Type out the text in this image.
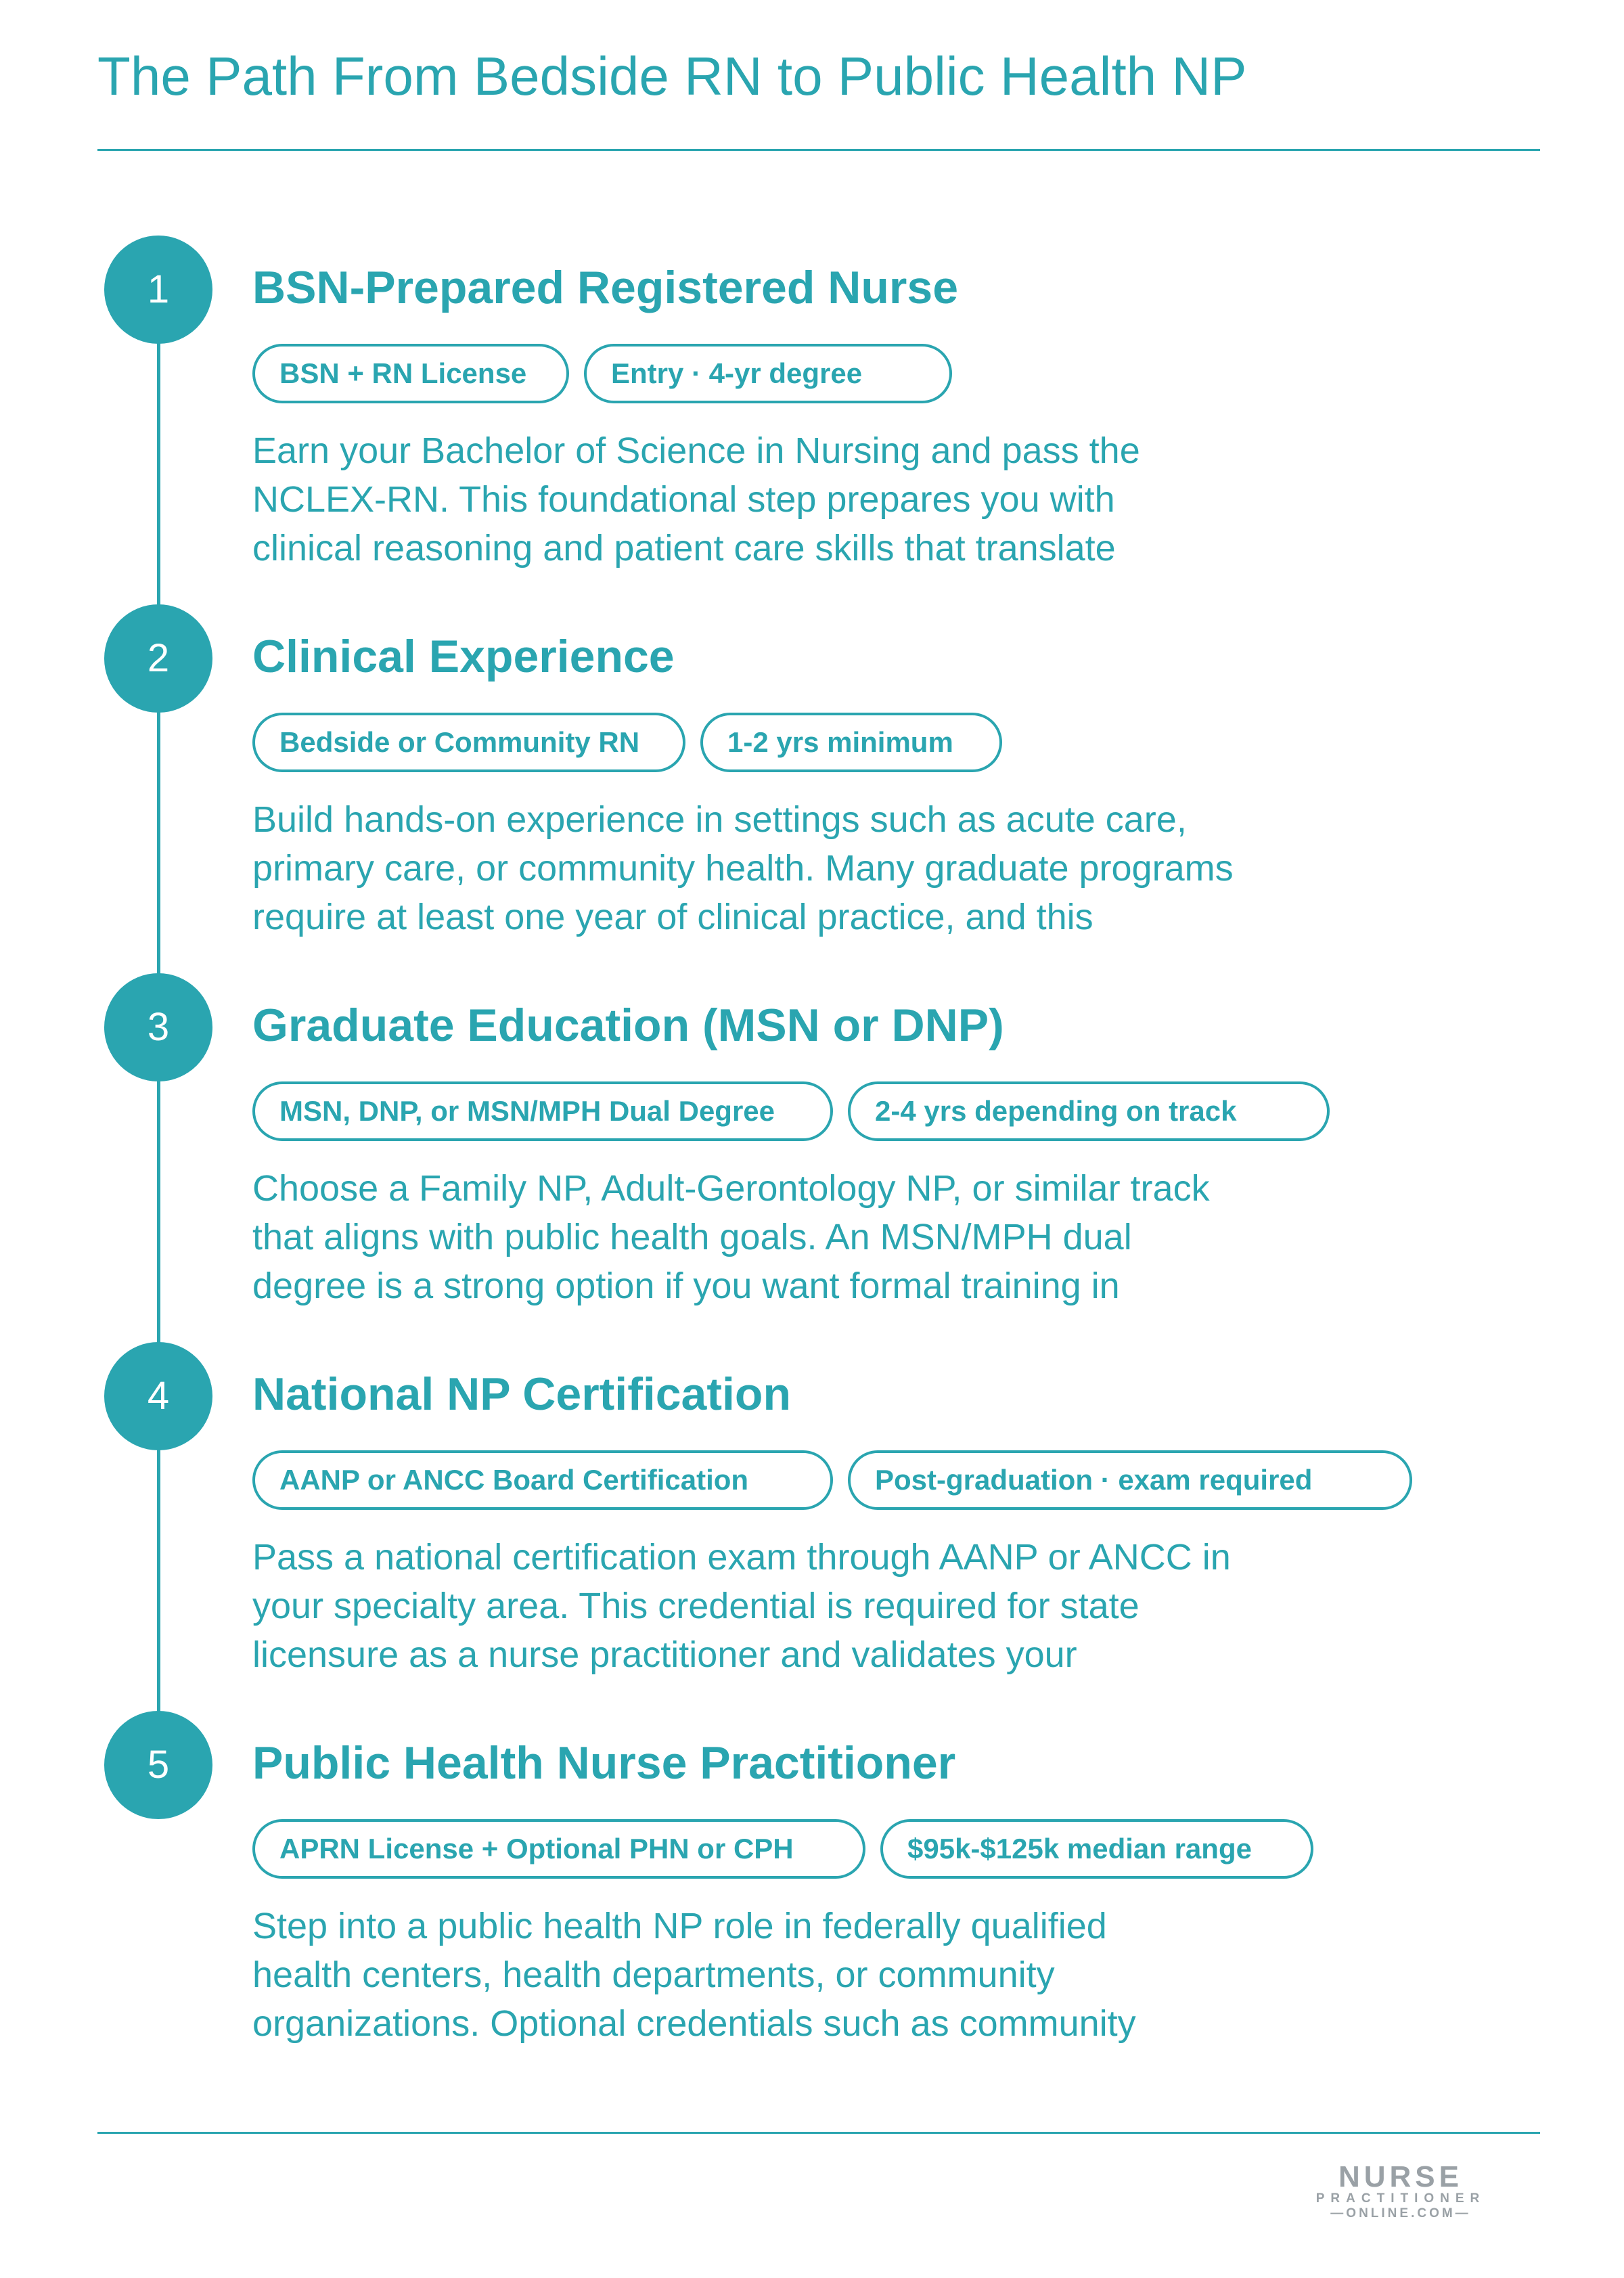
The Path From Bedside RN to Public Health NP
1	BSN-Prepared Registered Nurse
BSN + RN License	Entry · 4-yr degree

Earn your Bachelor of Science in Nursing and pass the
NCLEX-RN. This foundational step prepares you with
clinical reasoning and patient care skills that translate

2	Clinical Experience
Bedside or Community RN	1-2 yrs minimum

Build hands-on experience in settings such as acute care,
primary care, or community health. Many graduate programs
require at least one year of clinical practice, and this

3	Graduate Education (MSN or DNP)
MSN, DNP, or MSN/MPH Dual Degree	2-4 yrs depending on track

Choose a Family NP, Adult-Gerontology NP, or similar track
that aligns with public health goals. An MSN/MPH dual
degree is a strong option if you want formal training in

4	National NP Certification
AANP or ANCC Board Certification	Post-graduation · exam required

Pass a national certification exam through AANP or ANCC in
your specialty area. This credential is required for state
licensure as a nurse practitioner and validates your

5	Public Health Nurse Practitioner
APRN License + Optional PHN or CPH	$95k-$125k median range

Step into a public health NP role in federally qualified
health centers, health departments, or community
organizations. Optional credentials such as community

NURSE
PRACTITIONER
—ONLINE.COM—
